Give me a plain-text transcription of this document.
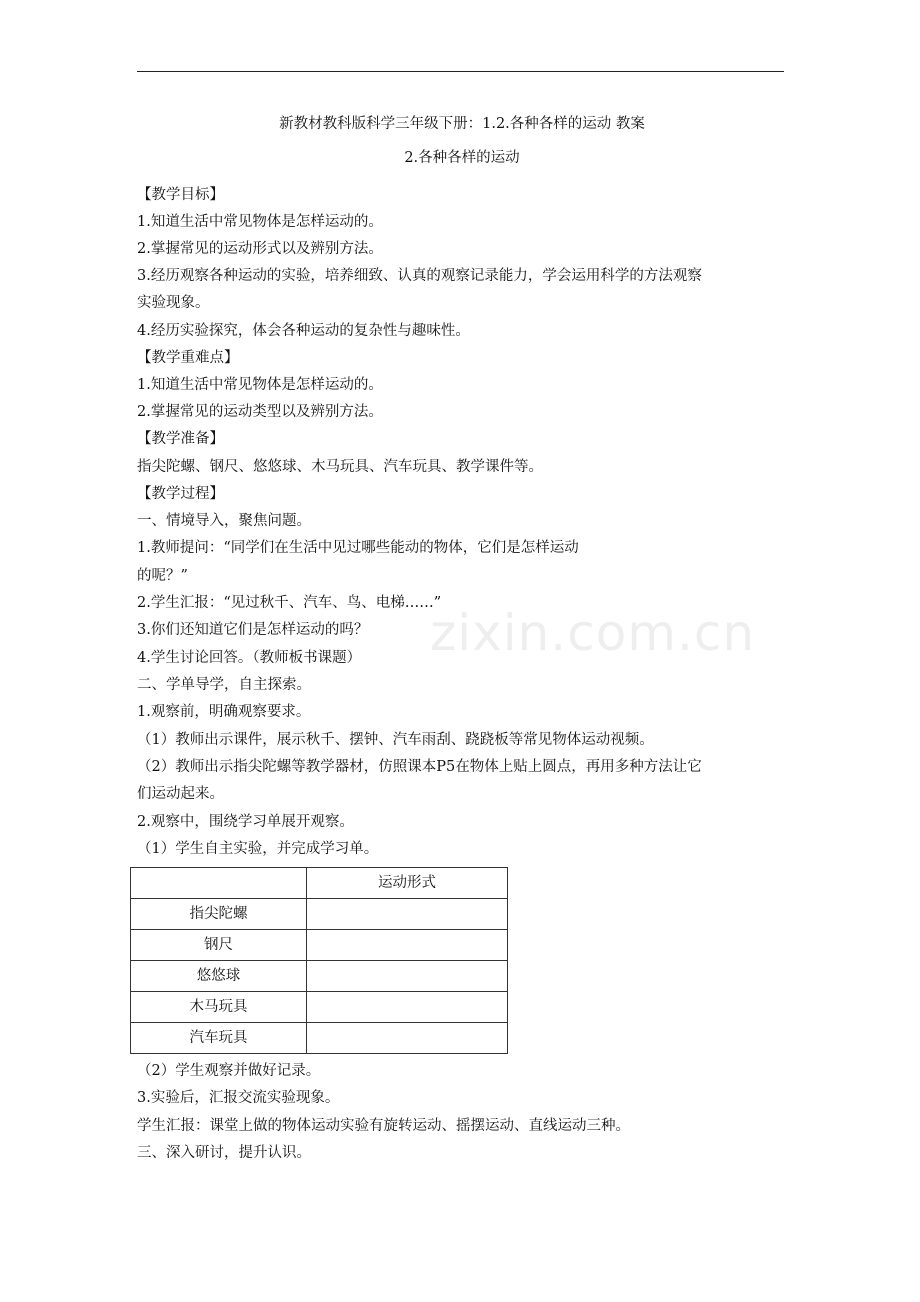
新教材教科版科学三年级下册：1.2.各种各样的运动 教案
2.各种各样的运动
【教学目标】
1.知道生活中常见物体是怎样运动的。
2.掌握常见的运动形式以及辨别方法。
3.经历观察各种运动的实验，培养细致、认真的观察记录能力，学会运用科学的方法观察
实验现象。
4.经历实验探究，体会各种运动的复杂性与趣味性。
【教学重难点】
1.知道生活中常见物体是怎样运动的。
2.掌握常见的运动类型以及辨别方法。
【教学准备】
指尖陀螺、钢尺、悠悠球、木马玩具、汽车玩具、教学课件等。
【教学过程】
一、情境导入，聚焦问题。
1.教师提问：“同学们在生活中见过哪些能动的物体，它们是怎样运动
的呢？”
2.学生汇报：“见过秋千、汽车、鸟、电梯……”
3.你们还知道它们是怎样运动的吗？
4.学生讨论回答。（教师板书课题）
二、学单导学，自主探索。
1.观察前，明确观察要求。
（1）教师出示课件，展示秋千、摆钟、汽车雨刮、跷跷板等常见物体运动视频。
（2）教师出示指尖陀螺等教学器材，仿照课本P5在物体上贴上圆点，再用多种方法让它
们运动起来。
2.观察中，围绕学习单展开观察。
（1）学生自主实验，并完成学习单。
zixin.com.cn
	运动形式
指尖陀螺	
钢尺	
悠悠球	
木马玩具	
汽车玩具	
（2）学生观察并做好记录。
3.实验后，汇报交流实验现象。
学生汇报：课堂上做的物体运动实验有旋转运动、摇摆运动、直线运动三种。
三、深入研讨，提升认识。
